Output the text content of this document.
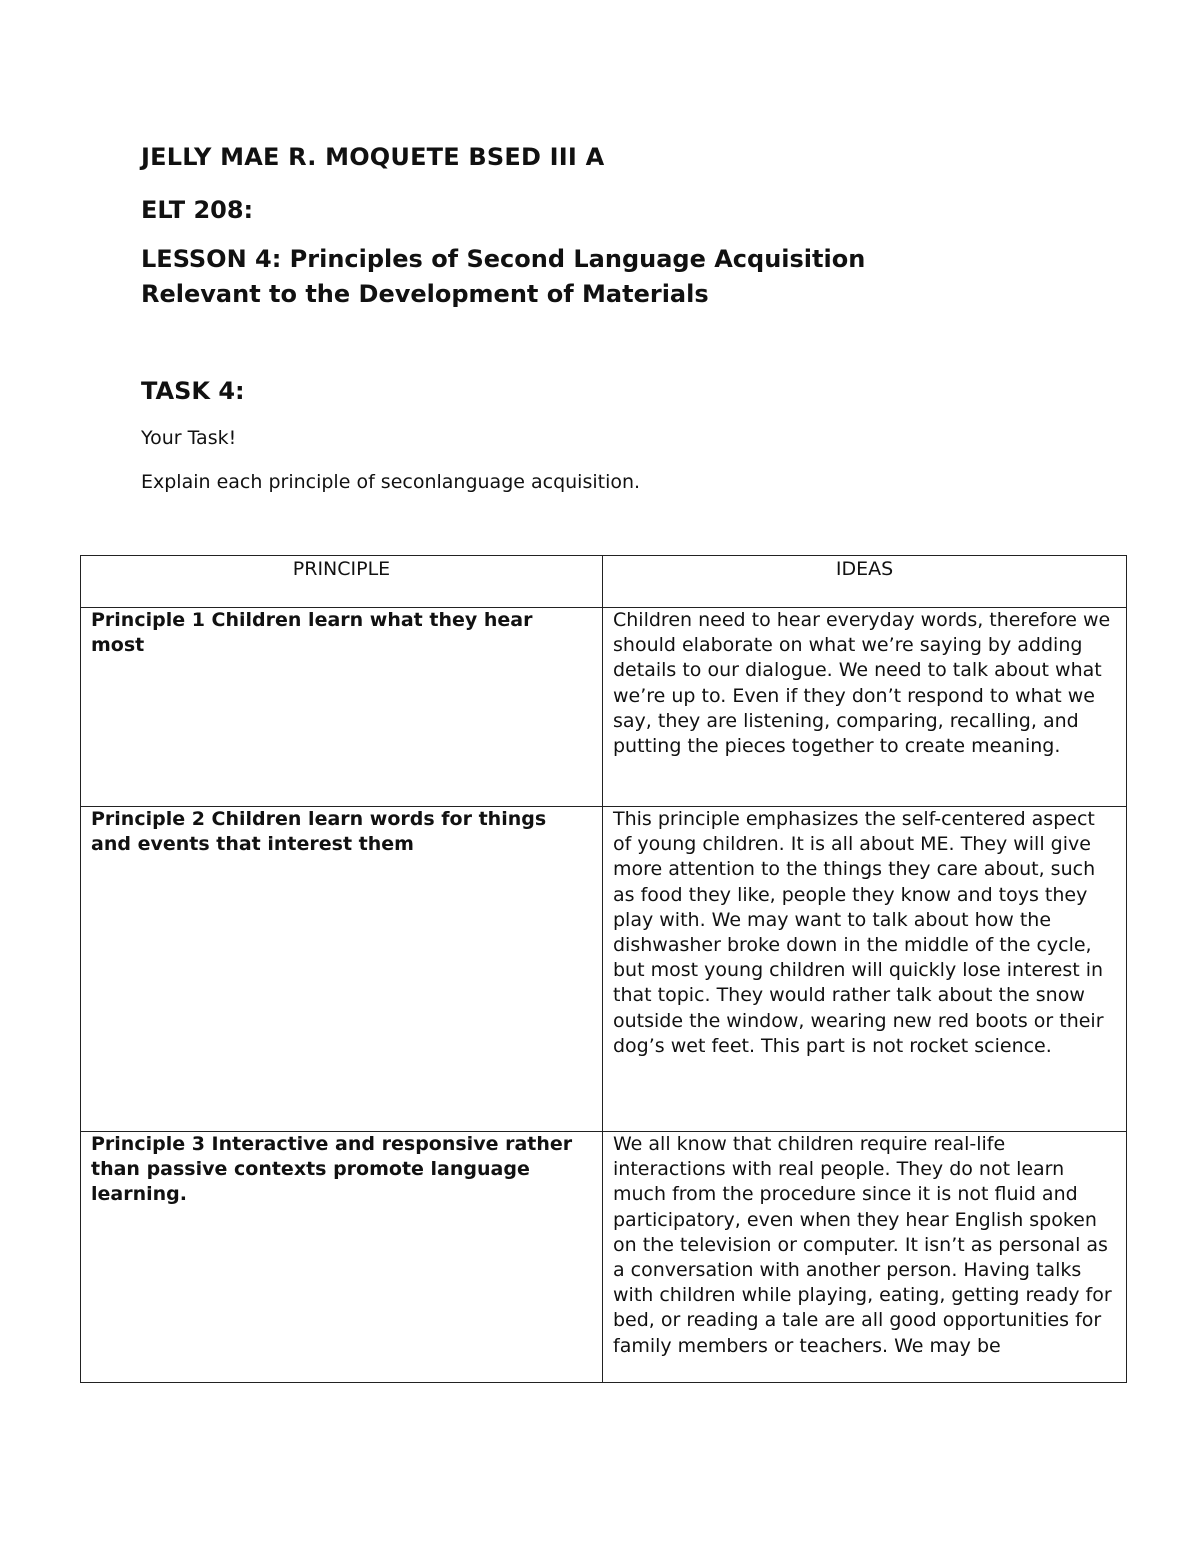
JELLY MAE R. MOQUETE BSED III A

ELT 208:

LESSON 4: Principles of Second Language Acquisition
Relevant to the Development of Materials

TASK 4:

Your Task!

Explain each principle of seconlanguage acquisition.

PRINCIPLE	IDEAS
Principle 1 Children learn what they hear most	Children need to hear everyday words, therefore we should elaborate on what we’re saying by adding details to our dialogue. We need to talk about what we’re up to. Even if they don’t respond to what we say, they are listening, comparing, recalling, and putting the pieces together to create meaning.
Principle 2 Children learn words for things and events that interest them	This principle emphasizes the self-centered aspect of young children. It is all about ME. They will give more attention to the things they care about, such as food they like, people they know and toys they play with. We may want to talk about how the dishwasher broke down in the middle of the cycle, but most young children will quickly lose interest in that topic. They would rather talk about the snow outside the window, wearing new red boots or their dog’s wet feet. This part is not rocket science.
Principle 3 Interactive and responsive rather than passive contexts promote language learning.	We all know that children require real-life interactions with real people. They do not learn much from the procedure since it is not fluid and participatory, even when they hear English spoken on the television or computer. It isn’t as personal as a conversation with another person. Having talks with children while playing, eating, getting ready for bed, or reading a tale are all good opportunities for family members or teachers. We may be
